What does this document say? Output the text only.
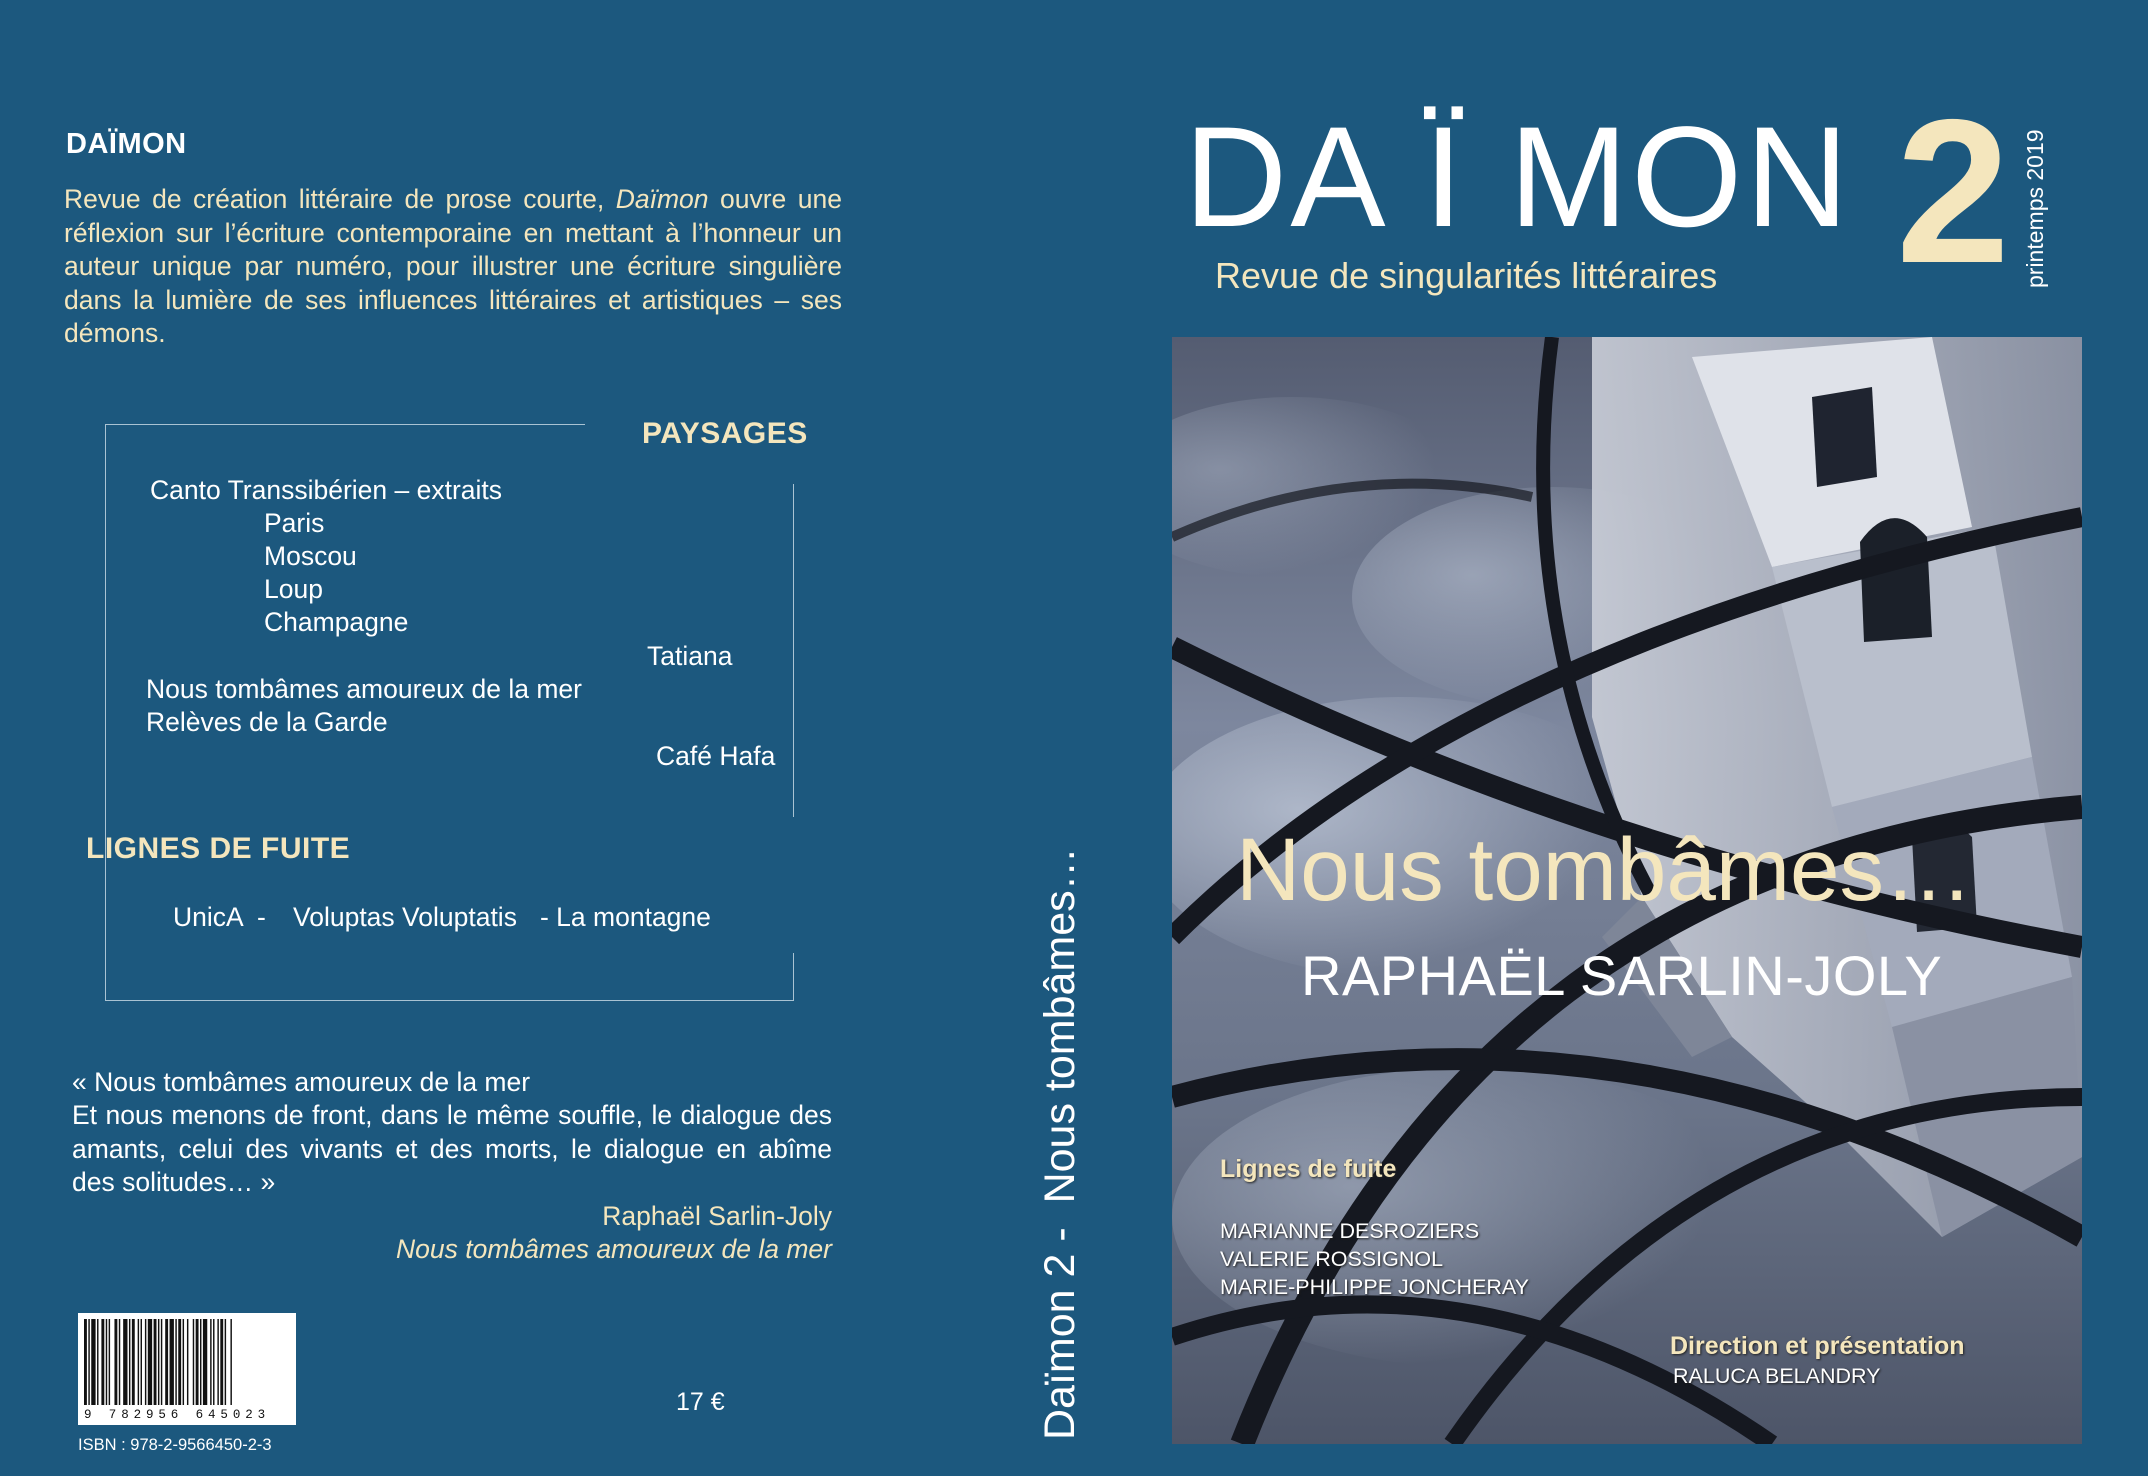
DAÏMON
Revue de création littéraire de prose courte, Daïmon ouvre une réflexion sur l’écriture contemporaine en mettant à l’honneur un auteur unique par numéro, pour illustrer une écriture singulière dans la lumière de ses influences littéraires et artistiques – ses démons.
PAYSAGES
Canto Transsibérien – extraits
Paris
Moscou
Loup
Champagne
Tatiana
Nous tombâmes amoureux de la mer
Relèves de la Garde
Café Hafa
LIGNES DE FUITE
UnicA  - Voluptas Voluptatis - La montagne
« Nous tombâmes amoureux de la mer
Et nous menons de front, dans le même souffle, le dialogue des amants, celui des vivants et des morts, le dialogue en abîme des solitudes… »
Raphaël Sarlin-Joly
Nous tombâmes amoureux de la mer
9 782956 645023
ISBN : 978-2-9566450-2-3
17 €	Daïmon 2 -  Nous tombâmes…
DA Ï MON 2 printemps 2019
Revue de singularités littéraires
Nous tombâmes…
RAPHAËL SARLIN-JOLY
Lignes de fuite
MARIANNE DESROZIERS
VALERIE ROSSIGNOL
MARIE-PHILIPPE JONCHERAY
Direction et présentation
RALUCA BELANDRY
